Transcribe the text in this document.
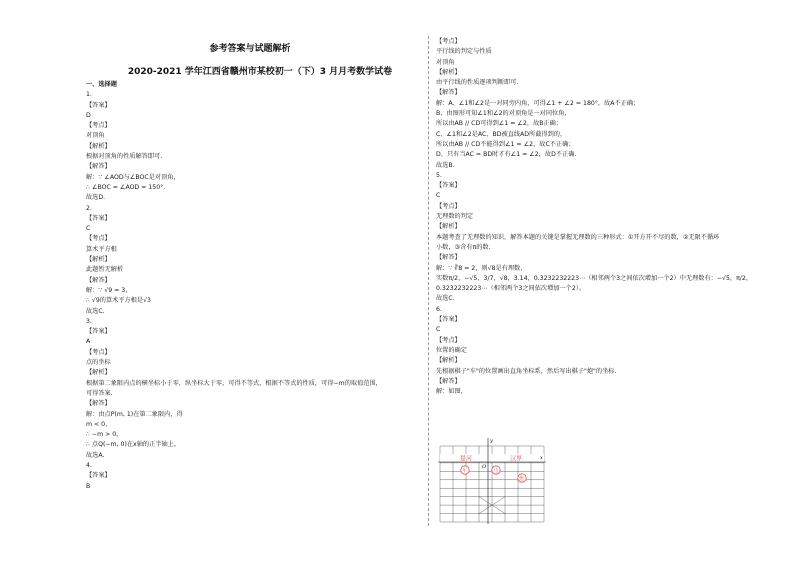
参考答案与试题解析
2020-2021 学年江西省赣州市某校初一（下）3 月月考数学试卷
一、选择题
1.
【答案】
D
【考点】
对顶角
【解析】
根据对顶角的性质解答即可.
【解答】
解：∵ ∠AOD与∠BOC是对顶角，
∴ ∠BOC = ∠AOD = 150°.
故选D.
2.
【答案】
C
【考点】
算术平方根
【解析】
此题暂无解析
【解答】
解：∵ √9 = 3，
∴ √9的算术平方根是√3
故选C.
3.
【答案】
A
【考点】
点的坐标
【解析】
根据第二象限内点的横坐标小于零，纵坐标大于零，可得不等式，根据不等式的性质，可得−m的取值范围，
可得答案.
【解答】
解：由点P(m, 1)在第二象限内，得
m < 0，
∴ −m > 0，
∴ 点Q(−m, 0)在x轴的正半轴上，
故选A.
4.
【答案】
B
【考点】
平行线的判定与性质
对顶角
【解析】
由平行线的性质逐项判断即可.
【解答】
解：A、∠1和∠2是一对同旁内角，可得∠1 + ∠2 = 180°，故A不正确；
B、由图形可知∠1和∠2的对顶角是一对同位角，
所以由AB // CD可得到∠1 = ∠2，故B正确；
C、∠1和∠2是AC、BD被直线AD所截得到的，
所以由AB // CD不能得到∠1 = ∠2，故C不正确；
D、只有当AC = BD时才有∠1 = ∠2，故D不正确.
故选B.
5.
【答案】
C
【考点】
无理数的判定
【解析】
本题考查了无理数的知识，解答本题的关键是掌握无理数的三种形式：①开方开不尽的数，②无限不循环
小数，③含有π的数.
【解答】
解：∵ ∛8 = 2，则√8是有理数，
实数π/2，−√5，3/7，√8，3.14，0.3232232223⋯（相邻两个3之间依次增加一个2）中无理数有：−√5，π/2，
0.3232232223⋯（相邻两个3之间依次增加一个2）。
故选C.
6.
【答案】
C
【考点】
位置的确定
【解析】
先根据棋子"车"的位置画出直角坐标系，然后写出棋子"炮"的坐标.
【解答】
解：如图，
楚河	汉界
y
x
O
车	马
炮
